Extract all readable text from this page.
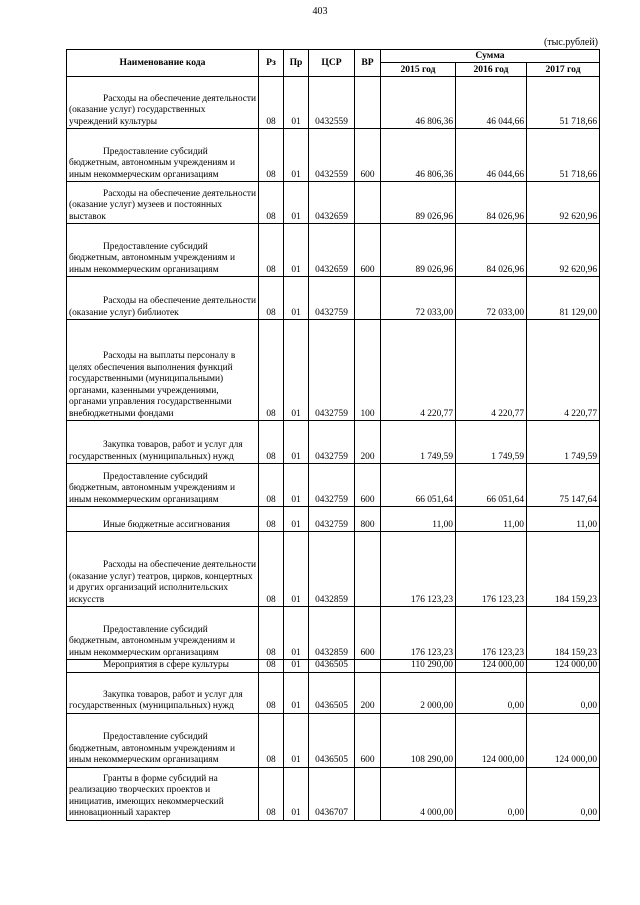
403
(тыс.рублей)
Наименование кода	Рз	Пр	ЦСР	ВР	Сумма		
					2015 год	2016 год	2017 год
Расходы на обеспечение деятельности (оказание услуг) государственных учреждений культуры	08	01	0432559		46 806,36	46 044,66	51 718,66
Предоставление субсидий бюджетным, автономным учреждениям и иным некоммерческим организациям	08	01	0432559	600	46 806,36	46 044,66	51 718,66
Расходы на обеспечение деятельности (оказание услуг) музеев и постоянных выставок	08	01	0432659		89 026,96	84 026,96	92 620,96
Предоставление субсидий бюджетным, автономным учреждениям и иным некоммерческим организациям	08	01	0432659	600	89 026,96	84 026,96	92 620,96
Расходы на обеспечение деятельности (оказание услуг) библиотек	08	01	0432759		72 033,00	72 033,00	81 129,00
Расходы на выплаты персоналу в целях обеспечения выполнения функций государственными (муниципальными) органами, казенными учреждениями, органами управления государственными внебюджетными фондами	08	01	0432759	100	4 220,77	4 220,77	4 220,77
Закупка товаров, работ и услуг для государственных (муниципальных) нужд	08	01	0432759	200	1 749,59	1 749,59	1 749,59
Предоставление субсидий бюджетным, автономным учреждениям и иным некоммерческим организациям	08	01	0432759	600	66 051,64	66 051,64	75 147,64
Иные бюджетные ассигнования	08	01	0432759	800	11,00	11,00	11,00
Расходы на обеспечение деятельности (оказание услуг) театров, цирков, концертных и других организаций исполнительских искусств	08	01	0432859		176 123,23	176 123,23	184 159,23
Предоставление субсидий бюджетным, автономным учреждениям и иным некоммерческим организациям	08	01	0432859	600	176 123,23	176 123,23	184 159,23
Мероприятия в сфере культуры	08	01	0436505		110 290,00	124 000,00	124 000,00
Закупка товаров, работ и услуг для государственных (муниципальных) нужд	08	01	0436505	200	2 000,00	0,00	0,00
Предоставление субсидий бюджетным, автономным учреждениям и иным некоммерческим организациям	08	01	0436505	600	108 290,00	124 000,00	124 000,00
Гранты в форме субсидий на реализацию творческих проектов и инициатив, имеющих некоммерческий инновационный характер	08	01	0436707		4 000,00	0,00	0,00
